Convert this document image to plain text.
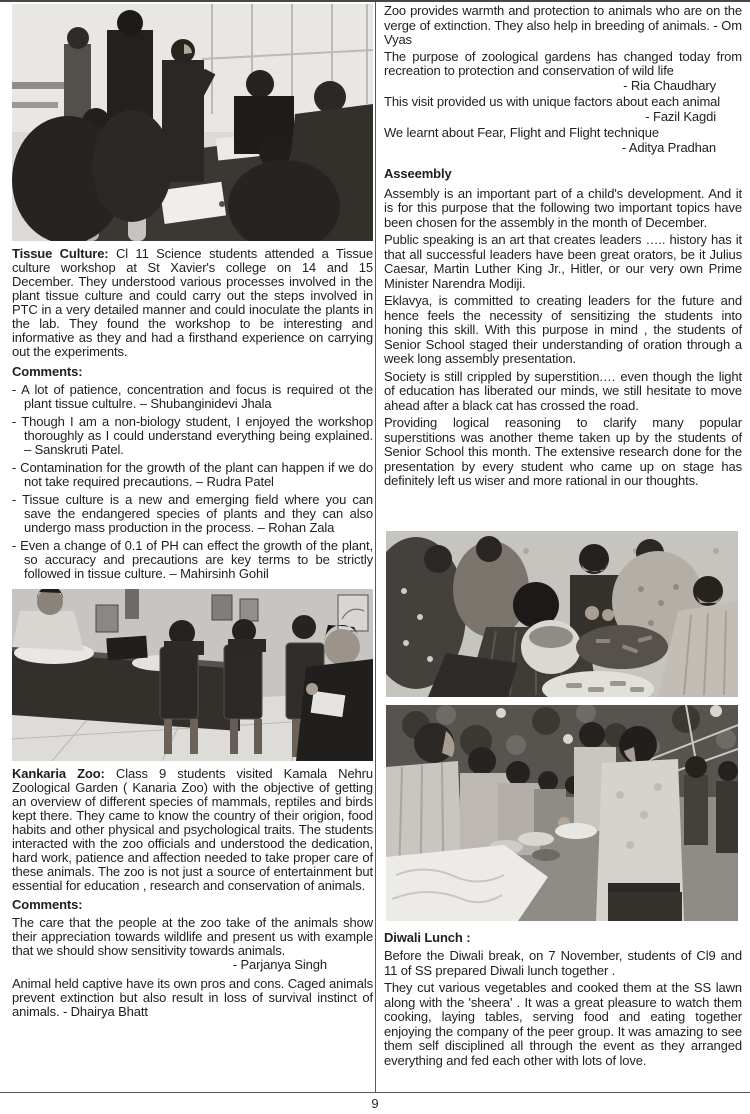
9

Tissue Culture: Cl 11 Science students attended a Tissue culture workshop at St Xavier's college on 14 and 15 December. They understood various processes involved in the plant tissue culture and could carry out the steps involved in PTC in a very detailed manner and could inoculate the plants in the lab. They found the workshop to be interesting and informative as they and had a firsthand experience on carrying out the experiments.

Comments:

- A lot of patience, concentration and focus is required ot the plant tissue cultulre. – Shubanginidevi Jhala

- Though I am a non-biology student, I enjoyed the workshop thoroughly as I could understand everything being explained. – Sanskruti Patel.

- Contamination for the growth of the plant can happen if we do not take required precautions. – Rudra Patel

- Tissue culture is a new and emerging field where you can save the endangered species of plants and they can also undergo mass production in the process. – Rohan Zala

- Even a change of 0.1 of PH can effect the growth of the plant, so accuracy and precautions are key terms to be strictly followed in tissue culture. – Mahirsinh Gohil

Kankaria Zoo: Class 9 students visited Kamala Nehru Zoological Garden ( Kanaria Zoo) with the objective of getting an overview of different species of mammals, reptiles and birds kept there. They came to know the country of their origion, food habits and other physical and psychological traits. The students interacted with the zoo officials and understood the dedication, hard work, patience and affection needed to take proper care of these animals. The zoo is not just a source of entertainment but essential for education , research and conservation of animals.

Comments:

The care that the people at the zoo take of the animals show their appreciation towards wildlife and present us with example that we should show sensitivity towards animals.

- Parjanya Singh

Animal held captive have its own pros and cons. Caged animals prevent extinction but also result in loss of survival instinct of animals. - Dhairya Bhatt

Zoo provides warmth and protection to animals who are on the verge of extinction. They also help in breeding of animals. - Om Vyas

The purpose of zoological gardens has changed today from recreation to protection and conservation of wild life

- Ria Chaudhary

This visit provided us with unique factors about each animal

- Fazil Kagdi

We learnt about Fear, Flight and Flight technique

- Aditya Pradhan

Asseembly

Assembly is an important part of a child's development. And it is for this purpose that the following two important topics have been chosen for the assembly in the month of December.

Public speaking is an art that creates leaders ….. history has it that all successful leaders have been great orators, be it Julius Caesar, Martin Luther King Jr., Hitler, or our very own Prime Minister Narendra Modiji.

Eklavya, is committed to creating leaders for the future and hence feels the necessity of sensitizing the students into honing this skill. With this purpose in mind , the students of Senior School staged their understanding of oration through a week long assembly presentation.

Society is still crippled by superstition.… even though the light of education has liberated our minds, we still hesitate to move ahead after a black cat has crossed the road.

Providing logical reasoning to clarify many popular superstitions was another theme taken up by the students of Senior School this month. The extensive research done for the presentation by every student who came up on stage has definitely left us wiser and more rational in our thoughts.

Diwali Lunch :

Before the Diwali break, on 7 November, students of Cl9 and 11 of SS prepared Diwali lunch together .

They cut various vegetables and cooked them at the SS lawn along with the 'sheera' . It was a great pleasure to watch them cooking, laying tables, serving food and eating together enjoying the company of the peer group. It was amazing to see them self disciplined all through the event as they arranged everything and fed each other with lots of love.
